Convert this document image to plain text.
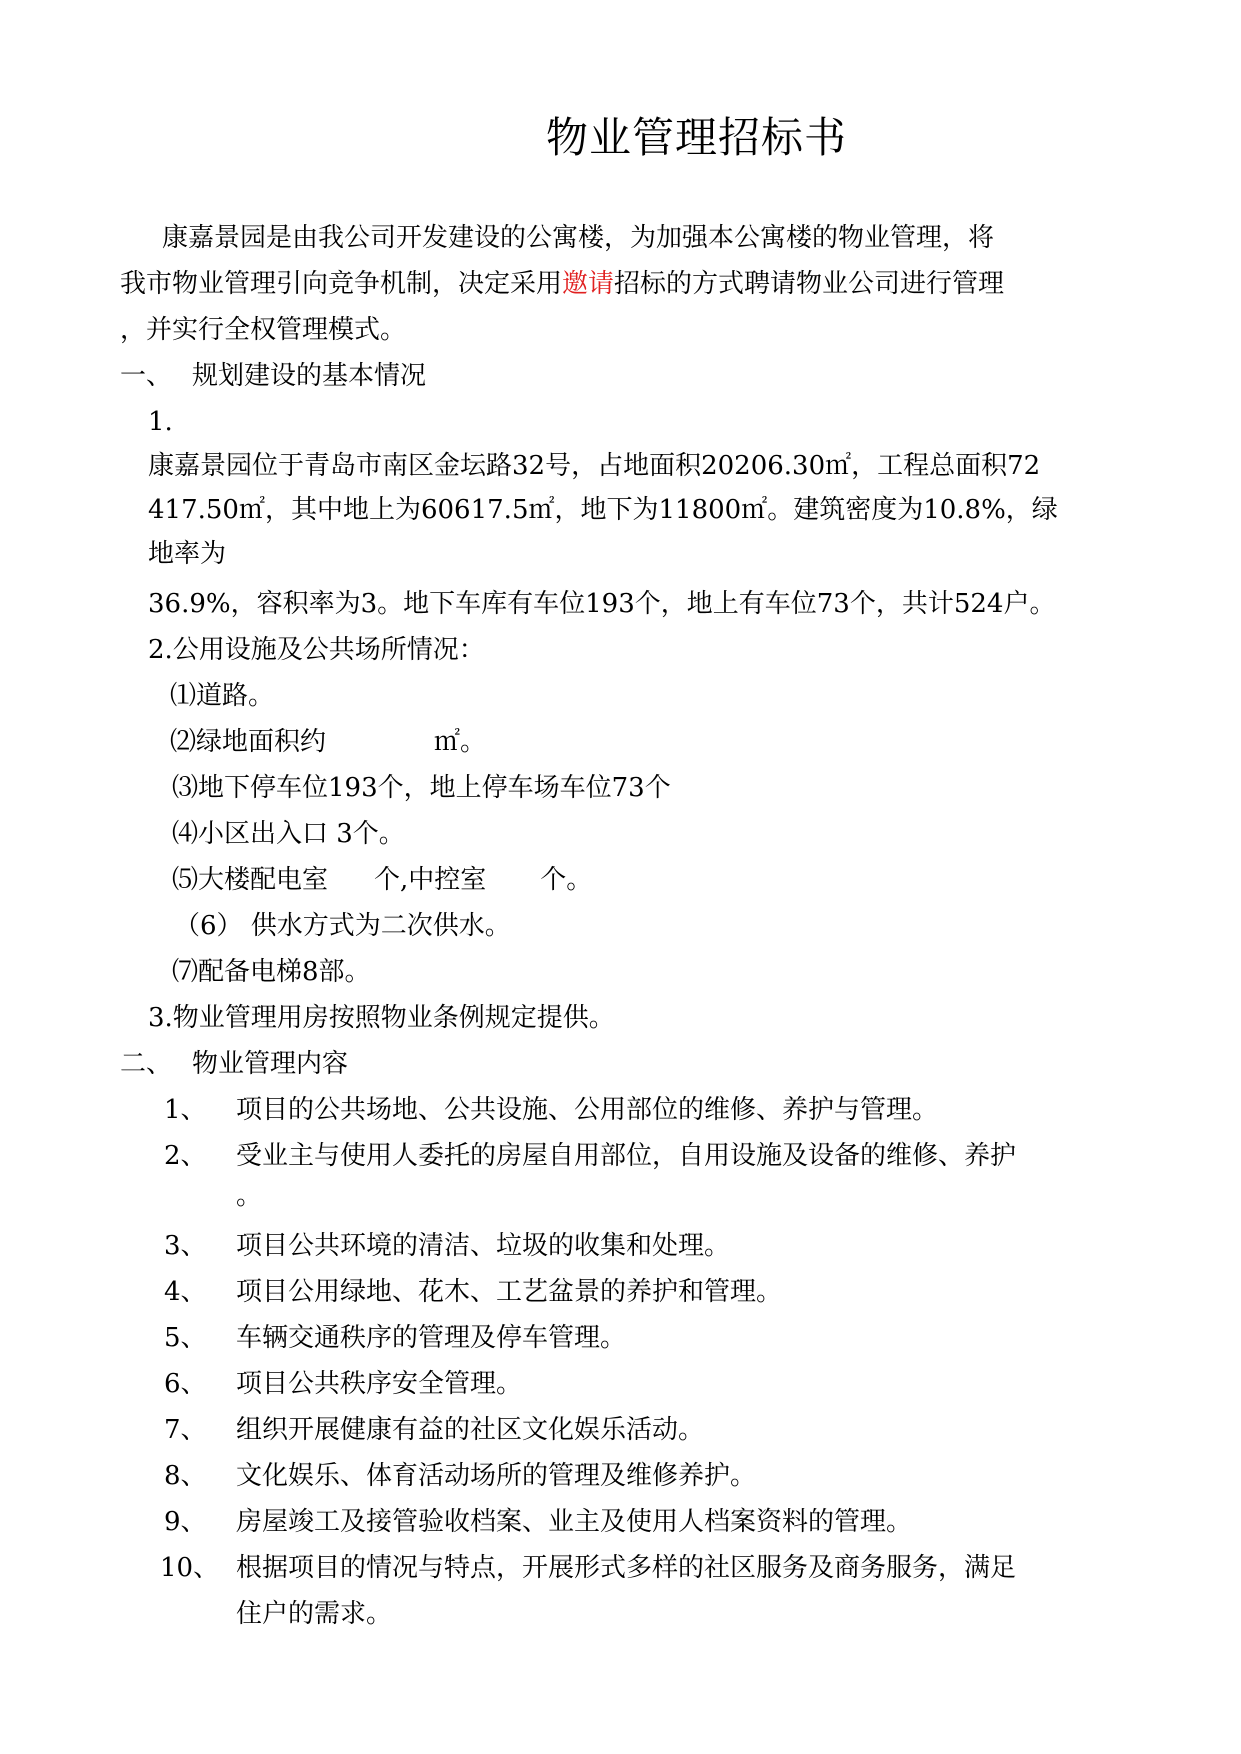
物业管理招标书
康嘉景园是由我公司开发建设的公寓楼，为加强本公寓楼的物业管理，将
我市物业管理引向竞争机制，决定采用邀请招标的方式聘请物业公司进行管理
，并实行全权管理模式。
一、 规划建设的基本情况
1.
康嘉景园位于青岛市南区金坛路32号，占地面积20206.30㎡，工程总面积72
417.50㎡，其中地上为60617.5㎡，地下为11800㎡。建筑密度为10.8%，绿
地率为
36.9%，容积率为3。地下车库有车位193个，地上有车位73个，共计524户。
2.公用设施及公共场所情况：
⑴道路。
⑵绿地面积约	㎡。
⑶地下停车位193个，地上停车场车位73个
⑷小区出入口 3个。
⑸大楼配电室 个,中控室 个。
（6） 供水方式为二次供水。
⑺配备电梯8部。
3.物业管理用房按照物业条例规定提供。
二、 物业管理内容
1、 项目的公共场地、公共设施、公用部位的维修、养护与管理。
2、 受业主与使用人委托的房屋自用部位，自用设施及设备的维修、养护
。
3、 项目公共环境的清洁、垃圾的收集和处理。
4、 项目公用绿地、花木、工艺盆景的养护和管理。
5、 车辆交通秩序的管理及停车管理。
6、 项目公共秩序安全管理。
7、 组织开展健康有益的社区文化娱乐活动。
8、 文化娱乐、体育活动场所的管理及维修养护。
9、 房屋竣工及接管验收档案、业主及使用人档案资料的管理。
10、 根据项目的情况与特点，开展形式多样的社区服务及商务服务，满足
住户的需求。
